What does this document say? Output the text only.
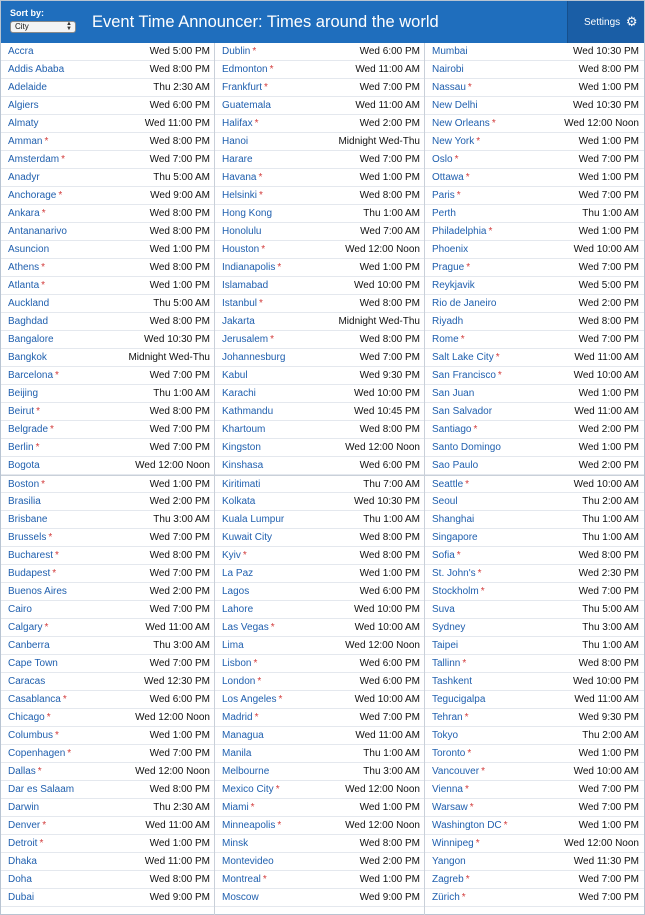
Sort by:
City	▲
▼ Event Time Announcer: Times around the world	Settings ⚙
Accra	Wed 5:00 PM
Addis Ababa	Wed 8:00 PM
Adelaide	Thu 2:30 AM
Algiers	Wed 6:00 PM
Almaty	Wed 11:00 PM
Amman *	Wed 8:00 PM
Amsterdam *	Wed 7:00 PM
Anadyr	Thu 5:00 AM
Anchorage *	Wed 9:00 AM
Ankara *	Wed 8:00 PM
Antananarivo	Wed 8:00 PM
Asuncion	Wed 1:00 PM
Athens *	Wed 8:00 PM
Atlanta *	Wed 1:00 PM
Auckland	Thu 5:00 AM
Baghdad	Wed 8:00 PM
Bangalore	Wed 10:30 PM
Bangkok	Midnight Wed-Thu
Barcelona *	Wed 7:00 PM
Beijing	Thu 1:00 AM
Beirut *	Wed 8:00 PM
Belgrade *	Wed 7:00 PM
Berlin *	Wed 7:00 PM
Bogota	Wed 12:00 Noon
Boston *	Wed 1:00 PM
Brasilia	Wed 2:00 PM
Brisbane	Thu 3:00 AM
Brussels *	Wed 7:00 PM
Bucharest *	Wed 8:00 PM
Budapest *	Wed 7:00 PM
Buenos Aires	Wed 2:00 PM
Cairo	Wed 7:00 PM
Calgary *	Wed 11:00 AM
Canberra	Thu 3:00 AM
Cape Town	Wed 7:00 PM
Caracas	Wed 12:30 PM
Casablanca *	Wed 6:00 PM
Chicago *	Wed 12:00 Noon
Columbus *	Wed 1:00 PM
Copenhagen *	Wed 7:00 PM
Dallas *	Wed 12:00 Noon
Dar es Salaam	Wed 8:00 PM
Darwin	Thu 2:30 AM
Denver *	Wed 11:00 AM
Detroit *	Wed 1:00 PM
Dhaka	Wed 11:00 PM
Doha	Wed 8:00 PM
Dubai	Wed 9:00 PM
Dublin *	Wed 6:00 PM
Edmonton *	Wed 11:00 AM
Frankfurt *	Wed 7:00 PM
Guatemala	Wed 11:00 AM
Halifax *	Wed 2:00 PM
Hanoi	Midnight Wed-Thu
Harare	Wed 7:00 PM
Havana *	Wed 1:00 PM
Helsinki *	Wed 8:00 PM
Hong Kong	Thu 1:00 AM
Honolulu	Wed 7:00 AM
Houston *	Wed 12:00 Noon
Indianapolis *	Wed 1:00 PM
Islamabad	Wed 10:00 PM
Istanbul *	Wed 8:00 PM
Jakarta	Midnight Wed-Thu
Jerusalem *	Wed 8:00 PM
Johannesburg	Wed 7:00 PM
Kabul	Wed 9:30 PM
Karachi	Wed 10:00 PM
Kathmandu	Wed 10:45 PM
Khartoum	Wed 8:00 PM
Kingston	Wed 12:00 Noon
Kinshasa	Wed 6:00 PM
Kiritimati	Thu 7:00 AM
Kolkata	Wed 10:30 PM
Kuala Lumpur	Thu 1:00 AM
Kuwait City	Wed 8:00 PM
Kyiv *	Wed 8:00 PM
La Paz	Wed 1:00 PM
Lagos	Wed 6:00 PM
Lahore	Wed 10:00 PM
Las Vegas *	Wed 10:00 AM
Lima	Wed 12:00 Noon
Lisbon *	Wed 6:00 PM
London *	Wed 6:00 PM
Los Angeles *	Wed 10:00 AM
Madrid *	Wed 7:00 PM
Managua	Wed 11:00 AM
Manila	Thu 1:00 AM
Melbourne	Thu 3:00 AM
Mexico City *	Wed 12:00 Noon
Miami *	Wed 1:00 PM
Minneapolis *	Wed 12:00 Noon
Minsk	Wed 8:00 PM
Montevideo	Wed 2:00 PM
Montreal *	Wed 1:00 PM
Moscow	Wed 9:00 PM
Mumbai	Wed 10:30 PM
Nairobi	Wed 8:00 PM
Nassau *	Wed 1:00 PM
New Delhi	Wed 10:30 PM
New Orleans *	Wed 12:00 Noon
New York *	Wed 1:00 PM
Oslo *	Wed 7:00 PM
Ottawa *	Wed 1:00 PM
Paris *	Wed 7:00 PM
Perth	Thu 1:00 AM
Philadelphia *	Wed 1:00 PM
Phoenix	Wed 10:00 AM
Prague *	Wed 7:00 PM
Reykjavik	Wed 5:00 PM
Rio de Janeiro	Wed 2:00 PM
Riyadh	Wed 8:00 PM
Rome *	Wed 7:00 PM
Salt Lake City *	Wed 11:00 AM
San Francisco *	Wed 10:00 AM
San Juan	Wed 1:00 PM
San Salvador	Wed 11:00 AM
Santiago *	Wed 2:00 PM
Santo Domingo	Wed 1:00 PM
Sao Paulo	Wed 2:00 PM
Seattle *	Wed 10:00 AM
Seoul	Thu 2:00 AM
Shanghai	Thu 1:00 AM
Singapore	Thu 1:00 AM
Sofia *	Wed 8:00 PM
St. John's *	Wed 2:30 PM
Stockholm *	Wed 7:00 PM
Suva	Thu 5:00 AM
Sydney	Thu 3:00 AM
Taipei	Thu 1:00 AM
Tallinn *	Wed 8:00 PM
Tashkent	Wed 10:00 PM
Tegucigalpa	Wed 11:00 AM
Tehran *	Wed 9:30 PM
Tokyo	Thu 2:00 AM
Toronto *	Wed 1:00 PM
Vancouver *	Wed 10:00 AM
Vienna *	Wed 7:00 PM
Warsaw *	Wed 7:00 PM
Washington DC *	Wed 1:00 PM
Winnipeg *	Wed 12:00 Noon
Yangon	Wed 11:30 PM
Zagreb *	Wed 7:00 PM
Zürich *	Wed 7:00 PM
